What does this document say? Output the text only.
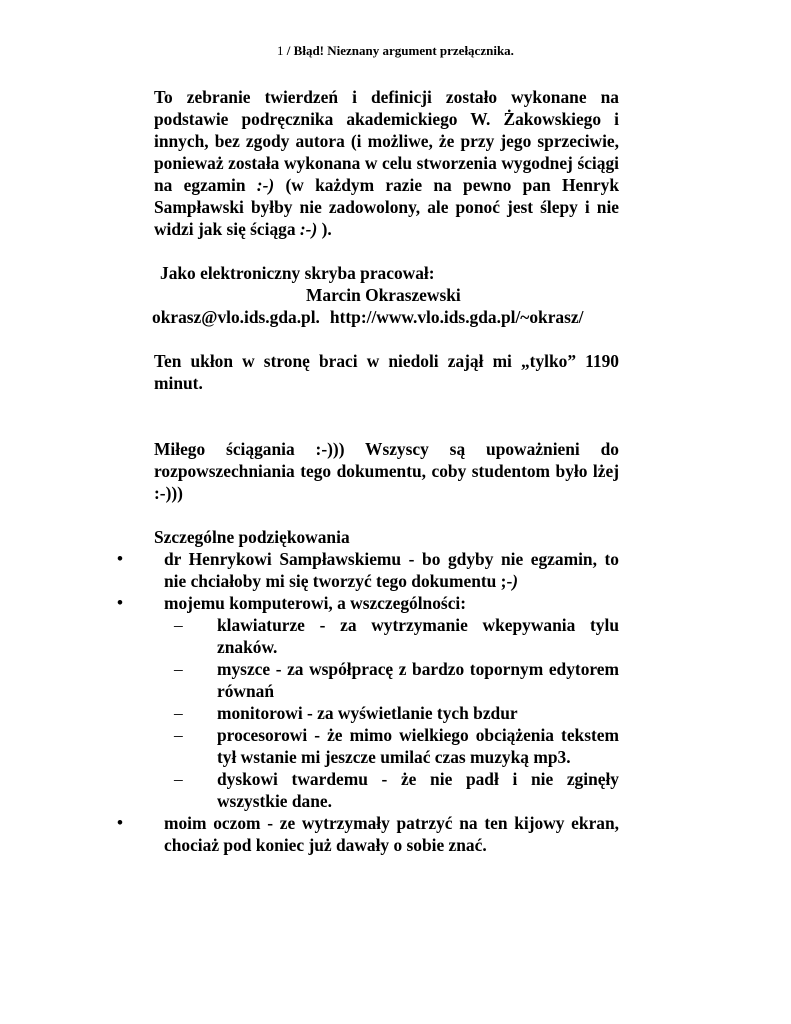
1 / Błąd! Nieznany argument przełącznika.

To zebranie twierdzeń i definicji zostało wykonane na podstawie podręcznika akademickiego W. Żakowskiego i innych, bez zgody autora (i możliwe, że przy jego sprzeciwie, ponieważ została wykonana w celu stworzenia wygodnej ściągi na egzamin :-) (w każdym razie na pewno pan Henryk Sampławski byłby nie zadowolony, ale ponoć jest ślepy i nie widzi jak się ściąga :-) ).

Jako elektroniczny skryba pracował:

Marcin Okraszewski

okrasz@vlo.ids.gda.pl. http://www.vlo.ids.gda.pl/~okrasz/

Ten ukłon w stronę braci w niedoli zajął mi „tylko” 1190 minut.

Miłego ściągania :-))) Wszyscy są upoważnieni do rozpowszechniania tego dokumentu, coby studentom było lżej :-)))

Szczególne podziękowania

• dr Henrykowi Sampławskiemu - bo gdyby nie egzamin, to nie chciałoby mi się tworzyć tego dokumentu ;-)
• mojemu komputerowi, a wszczególności:
– klawiaturze - za wytrzymanie wkepywania tylu znaków.
– myszce - za współpracę z bardzo topornym edytorem równań
– monitorowi - za wyświetlanie tych bzdur
– procesorowi - że mimo wielkiego obciążenia tekstem tył wstanie mi jeszcze umilać czas muzyką mp3.
– dyskowi twardemu - że nie padł i nie zginęły wszystkie dane.
• moim oczom - ze wytrzymały patrzyć na ten kijowy ekran, chociaż pod koniec już dawały o sobie znać.
